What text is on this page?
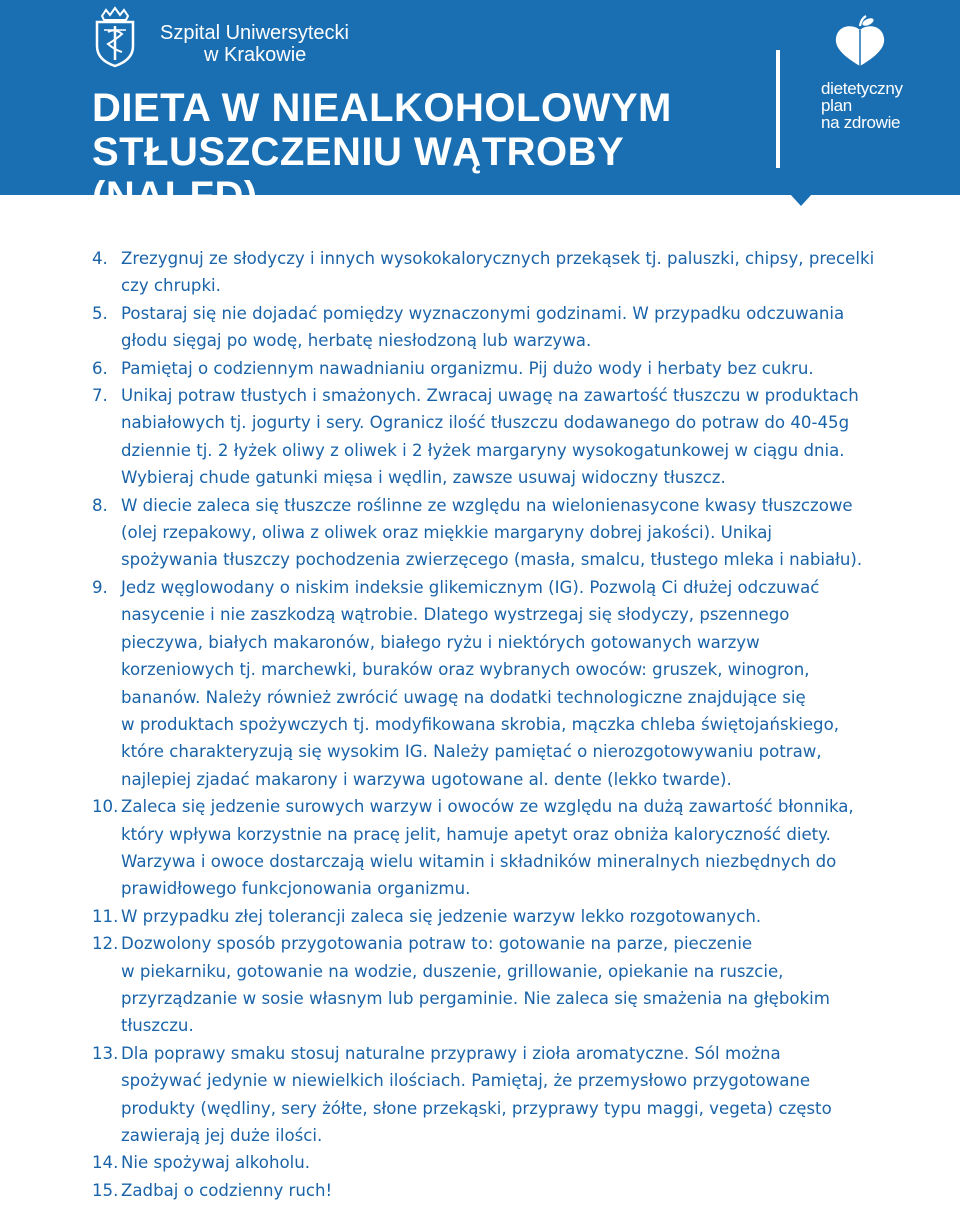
Szpital Uniwersytecki
w Krakowie
DIETA W NIEALKOHOLOWYM
STŁUSZCZENIU WĄTROBY (NALFD)
dietetyczny
plan
na zdrowie
4. Zrezygnuj ze słodyczy i innych wysokokalorycznych przekąsek tj. paluszki, chipsy, precelki
czy chrupki.
5. Postaraj się nie dojadać pomiędzy wyznaczonymi godzinami. W przypadku odczuwania
głodu sięgaj po wodę, herbatę niesłodzoną lub warzywa.
6. Pamiętaj o codziennym nawadnianiu organizmu. Pij dużo wody i herbaty bez cukru.
7. Unikaj potraw tłustych i smażonych. Zwracaj uwagę na zawartość tłuszczu w produktach
nabiałowych tj. jogurty i sery. Ogranicz ilość tłuszczu dodawanego do potraw do 40-45g
dziennie tj. 2 łyżek oliwy z oliwek i 2 łyżek margaryny wysokogatunkowej w ciągu dnia.
Wybieraj chude gatunki mięsa i wędlin, zawsze usuwaj widoczny tłuszcz.
8. W diecie zaleca się tłuszcze roślinne ze względu na wielonienasycone kwasy tłuszczowe
(olej rzepakowy, oliwa z oliwek oraz miękkie margaryny dobrej jakości). Unikaj
spożywania tłuszczy pochodzenia zwierzęcego (masła, smalcu, tłustego mleka i nabiału).
9. Jedz węglowodany o niskim indeksie glikemicznym (IG). Pozwolą Ci dłużej odczuwać
nasycenie i nie zaszkodzą wątrobie. Dlatego wystrzegaj się słodyczy, pszennego
pieczywa, białych makaronów, białego ryżu i niektórych gotowanych warzyw
korzeniowych tj. marchewki, buraków oraz wybranych owoców: gruszek, winogron,
bananów. Należy również zwrócić uwagę na dodatki technologiczne znajdujące się
w produktach spożywczych tj. modyfikowana skrobia, mączka chleba świętojańskiego,
które charakteryzują się wysokim IG. Należy pamiętać o nierozgotowywaniu potraw,
najlepiej zjadać makarony i warzywa ugotowane al. dente (lekko twarde).
10. Zaleca się jedzenie surowych warzyw i owoców ze względu na dużą zawartość błonnika,
który wpływa korzystnie na pracę jelit, hamuje apetyt oraz obniża kaloryczność diety.
Warzywa i owoce dostarczają wielu witamin i składników mineralnych niezbędnych do
prawidłowego funkcjonowania organizmu.
11. W przypadku złej tolerancji zaleca się jedzenie warzyw lekko rozgotowanych.
12. Dozwolony sposób przygotowania potraw to: gotowanie na parze, pieczenie
w piekarniku, gotowanie na wodzie, duszenie, grillowanie, opiekanie na ruszcie,
przyrządzanie w sosie własnym lub pergaminie. Nie zaleca się smażenia na głębokim
tłuszczu.
13. Dla poprawy smaku stosuj naturalne przyprawy i zioła aromatyczne. Sól można
spożywać jedynie w niewielkich ilościach. Pamiętaj, że przemysłowo przygotowane
produkty (wędliny, sery żółte, słone przekąski, przyprawy typu maggi, vegeta) często
zawierają jej duże ilości.
14. Nie spożywaj alkoholu.
15. Zadbaj o codzienny ruch!
